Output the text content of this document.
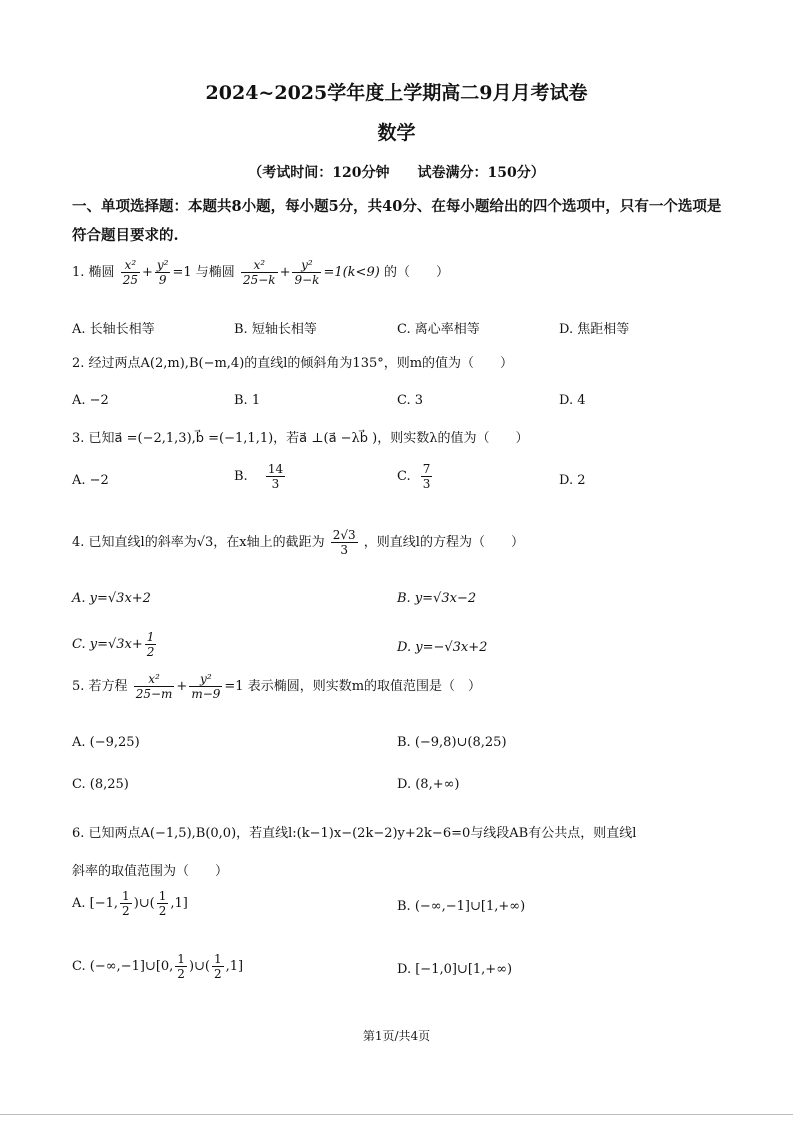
2024~2025学年度上学期高二9月月考试卷
数学
（考试时间：120分钟　　试卷满分：150分）
一、单项选择题：本题共8小题，每小题5分，共40分、在每小题给出的四个选项中，只有一个选项是符合题目要求的.
1. 椭圆 $\frac{\text{x²}}{25} + \frac{\text{y²}}{9} =1$ 与椭圆 $\frac{\text{x²}}{25-k} + \frac{\text{y²}}{9-k} =1(k<9)$ 的（　　）
A. 长轴长相等	B. 短轴长相等	C. 离心率相等	D. 焦距相等
2. 经过两点A(2,m),B(−m,4)的直线l的倾斜角为135°，则m的值为（　　）
A. −2	B. 1	C. 3	D. 4
3. 已知a⃗ =(−2,1,3),b⃗ =(−1,1,1)，若a⃗ ⊥(a⃗ −λb⃗ )，则实数λ的值为（　　）
A. −2	B. $\frac{14}{3}$	C. $\frac{7}{3}$	D. 2
4. 已知直线l的斜率为√3，在x轴上的截距为 $\frac{2√3}{3}$ ，则直线l的方程为（　　）
A. y=√3x+2	B. y=√3x−2
C. $y=√3x+ \frac{1}{2}$	D. y=−√3x+2
5. 若方程 $\frac{\text{x²}}{25-m} + \frac{\text{y²}}{m-9} =1$ 表示椭圆，则实数m的取值范围是（　）
A. (−9,25)	B. (−9,8)∪(8,25)
C. (8,25)	D. (8,+∞)
6. 已知两点A(−1,5),B(0,0)，若直线l:(k−1)x−(2k−2)y+2k−6=0与线段AB有公共点，则直线l
斜率的取值范围为（　　）
A. [−1, $\frac{1}{2}$ )∪( $\frac{1}{2} ,1$]	B. (−∞,−1]∪[1,+∞)
C. (−∞,−1]∪[0, $\frac{1}{2}$ )∪( $\frac{1}{2} ,1$]	D. [−1,0]∪[1,+∞)
第1页/共4页
